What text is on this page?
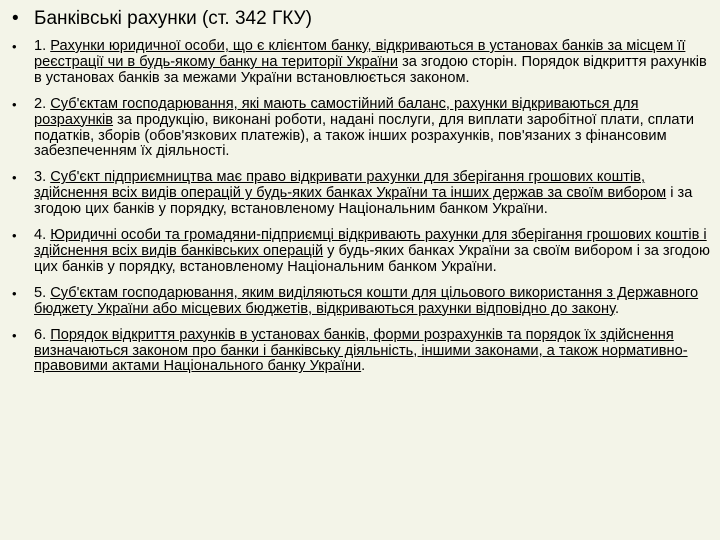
• Банківські рахунки (ст. 342 ГКУ)
•	1. Рахунки юридичної особи, що є клієнтом банку, відкриваються в установах банків за місцем її реєстрації чи в будь-якому банку на території України за згодою сторін. Порядок відкриття рахунків в установах банків за межами України встановлюється законом.
•	2. Суб'єктам господарювання, які мають самостійний баланс, рахунки відкриваються для розрахунків за продукцію, виконані роботи, надані послуги, для виплати заробітної плати, сплати податків, зборів (обов'язкових платежів), а також інших розрахунків, пов'язаних з фінансовим забезпеченням їх діяльності.
•	3. Суб'єкт підприємництва має право відкривати рахунки для зберігання грошових коштів, здійснення всіх видів операцій у будь-яких банках України та інших держав за своїм вибором і за згодою цих банків у порядку, встановленому Національним банком України.
•	4. Юридичні особи та громадяни-підприємці відкривають рахунки для зберігання грошових коштів і здійснення всіх видів банківських операцій у будь-яких банках України за своїм вибором і за згодою цих банків у порядку, встановленому Національним банком України.
•	5. Суб'єктам господарювання, яким виділяються кошти для цільового використання з Державного бюджету України або місцевих бюджетів, відкриваються рахунки відповідно до закону.
•	6. Порядок відкриття рахунків в установах банків, форми розрахунків та порядок їх здійснення визначаються законом про банки і банківську діяльність, іншими законами, а також нормативно-правовими актами Національного банку України.
